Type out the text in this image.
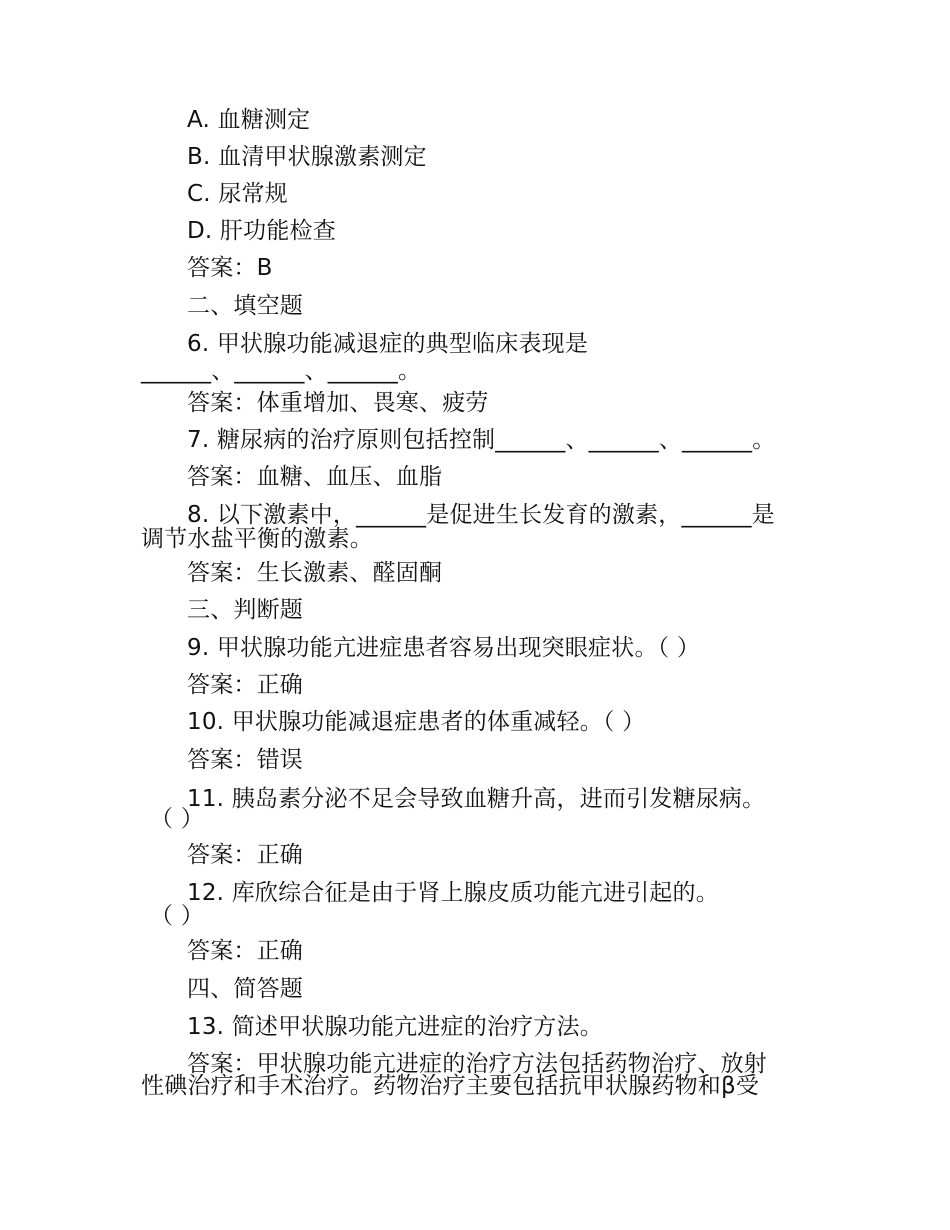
A. 血糖测定
B. 血清甲状腺激素测定
C. 尿常规
D. 肝功能检查
答案：B
二、填空题
6. 甲状腺功能减退症的典型临床表现是
______、______、______。
答案：体重增加、畏寒、疲劳
7. 糖尿病的治疗原则包括控制______、______、______。
答案：血糖、血压、血脂
8. 以下激素中，______是促进生长发育的激素，______是
调节水盐平衡的激素。
答案：生长激素、醛固酮
三、判断题
9. 甲状腺功能亢进症患者容易出现突眼症状。（ ）
答案：正确
10. 甲状腺功能减退症患者的体重减轻。（ ）
答案：错误
11. 胰岛素分泌不足会导致血糖升高，进而引发糖尿病。
（ ）
答案：正确
12. 库欣综合征是由于肾上腺皮质功能亢进引起的。
（ ）
答案：正确
四、简答题
13. 简述甲状腺功能亢进症的治疗方法。
答案：甲状腺功能亢进症的治疗方法包括药物治疗、放射
性碘治疗和手术治疗。药物治疗主要包括抗甲状腺药物和β受
